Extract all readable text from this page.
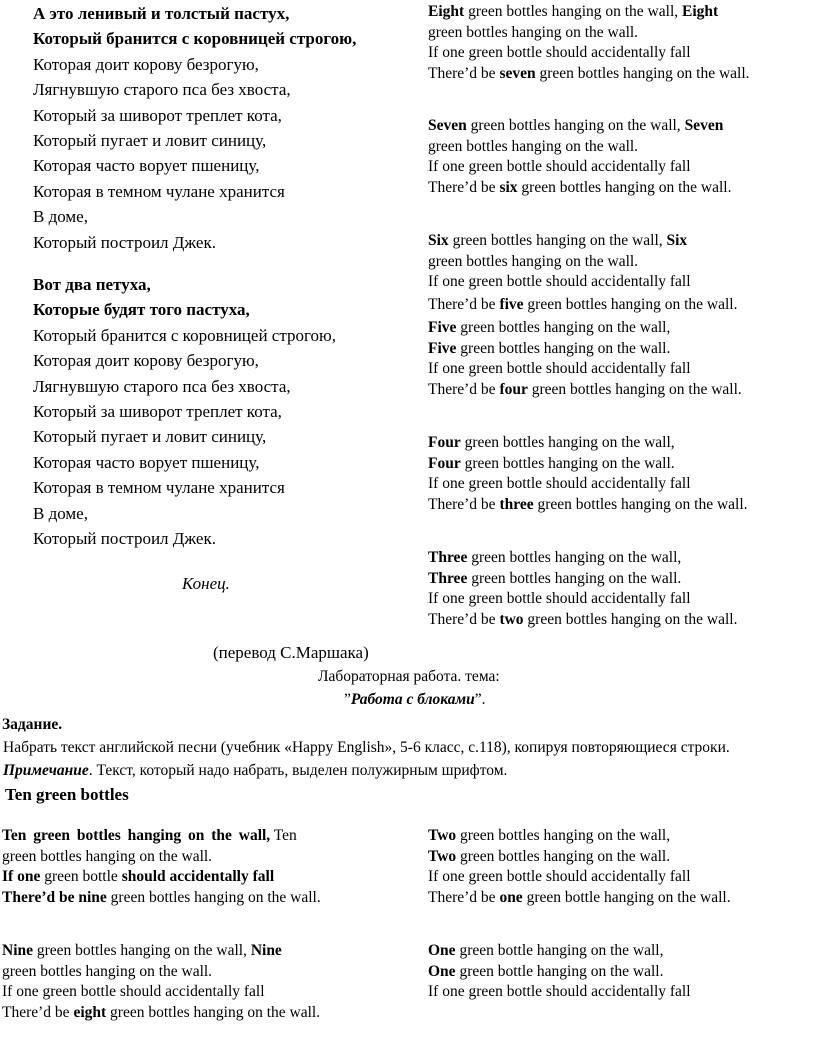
А это ленивый и толстый пастух,
Который бранится с коровницей строгою,
Которая доит корову безрогую,
Лягнувшую старого пса без хвоста,
Который за шиворот треплет кота,
Который пугает и ловит синицу,
Которая часто ворует пшеницу,
Которая в темном чулане хранится
В доме,
Который построил Джек.
Вот два петуха,
Которые будят того пастуха,
Который бранится с коровницей строгою,
Которая доит корову безрогую,
Лягнувшую старого пса без хвоста,
Который за шиворот треплет кота,
Который пугает и ловит синицу,
Которая часто ворует пшеницу,
Которая в темном чулане хранится
В доме,
Который построил Джек.
Конец.
(перевод С.Маршака)
Eight green bottles hanging on the wall, Eight
green bottles hanging on the wall.
If one green bottle should accidentally fall
There’d be seven green bottles hanging on the wall.
Seven green bottles hanging on the wall, Seven
green bottles hanging on the wall.
If one green bottle should accidentally fall
There’d be six green bottles hanging on the wall.
Six green bottles hanging on the wall, Six
green bottles hanging on the wall.
If one green bottle should accidentally fall
There’d be five green bottles hanging on the wall.
Five green bottles hanging on the wall,
Five green bottles hanging on the wall.
If one green bottle should accidentally fall
There’d be four green bottles hanging on the wall.
Four green bottles hanging on the wall,
Four green bottles hanging on the wall.
If one green bottle should accidentally fall
There’d be three green bottles hanging on the wall.
Three green bottles hanging on the wall,
Three green bottles hanging on the wall.
If one green bottle should accidentally fall
There’d be two green bottles hanging on the wall.
Лабораторная работа. тема:
”Работа с блоками”.
Задание.
Набрать текст английской песни (учебник «Happy English», 5-6 класс, с.118), копируя повторяющиеся строки.
Примечание. Текст, который надо набрать, выделен полужирным шрифтом.
Ten green bottles
Ten green bottles hanging on the wall, Ten
green bottles hanging on the wall.
If one green bottle should accidentally fall
There’d be nine green bottles hanging on the wall.
Nine green bottles hanging on the wall, Nine
green bottles hanging on the wall.
If one green bottle should accidentally fall
There’d be eight green bottles hanging on the wall.
Two green bottles hanging on the wall,
Two green bottles hanging on the wall.
If one green bottle should accidentally fall
There’d be one green bottle hanging on the wall.
One green bottle hanging on the wall,
One green bottle hanging on the wall.
If one green bottle should accidentally fall
